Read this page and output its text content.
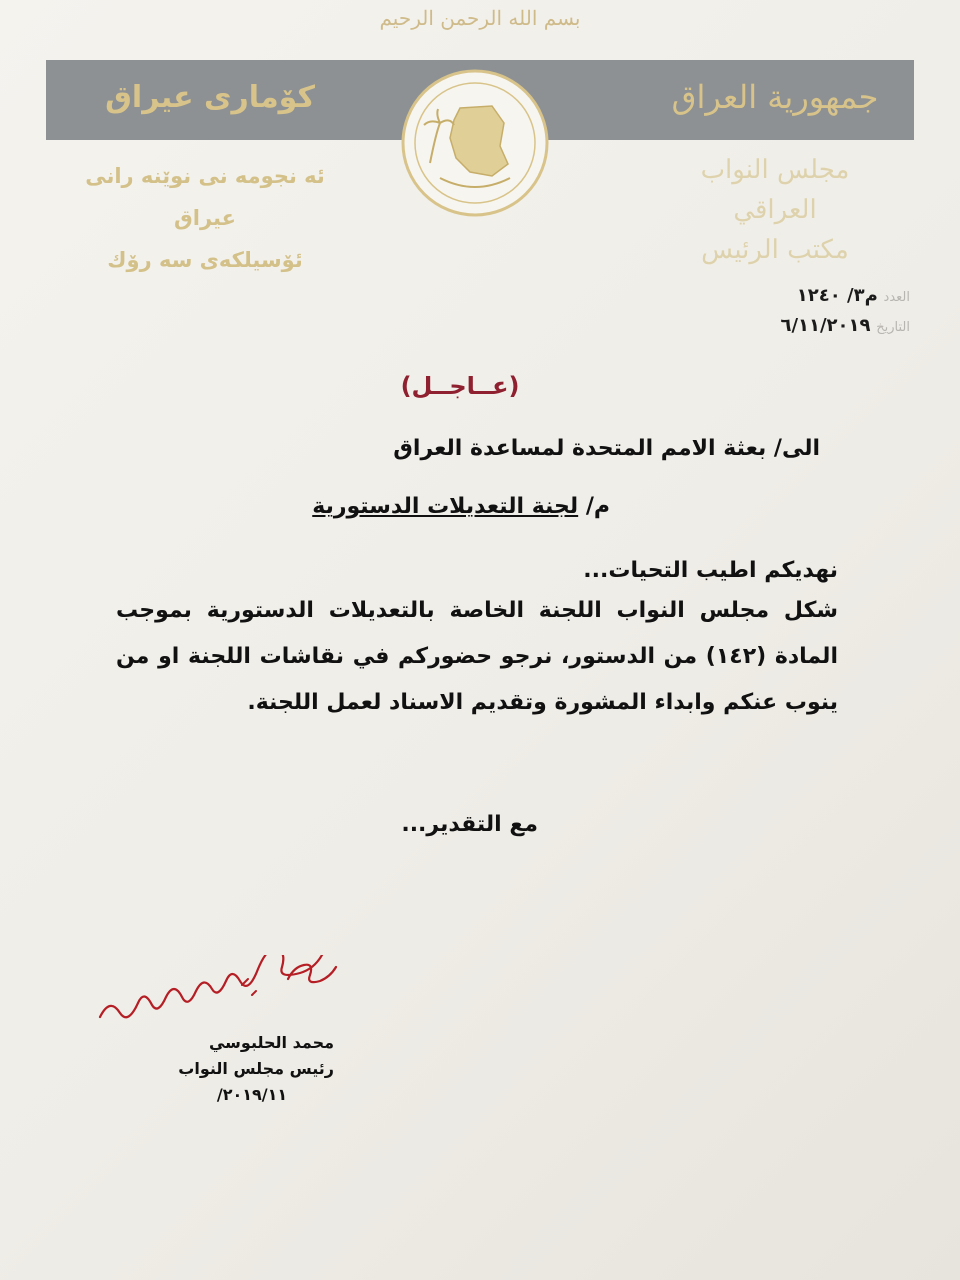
بسم الله الرحمن الرحيم
كۆمارى عيراق	جمهورية العراق
ئه نجومه نى نوێنه رانى عيراق
ئۆسيلكەى سە رۆك
مجلس النواب العراقي
مكتب الرئيس
العدد م٣/ ١٢٤٠
التاريخ ٦/١١/٢٠١٩
(عــاجــل)
الى/ بعثة الامم المتحدة لمساعدة العراق
م/ لجنة التعديلات الدستورية
نهديكم اطيب التحيات...
شكل مجلس النواب اللجنة الخاصة بالتعديلات الدستورية بموجب المادة (١٤٢) من الدستور، نرجو حضوركم في نقاشات اللجنة او من ينوب عنكم وابداء المشورة وتقديم الاسناد لعمل اللجنة.
مع التقدير...
محمد الحلبوسي
رئيس مجلس النواب
٢٠١٩/١١/
